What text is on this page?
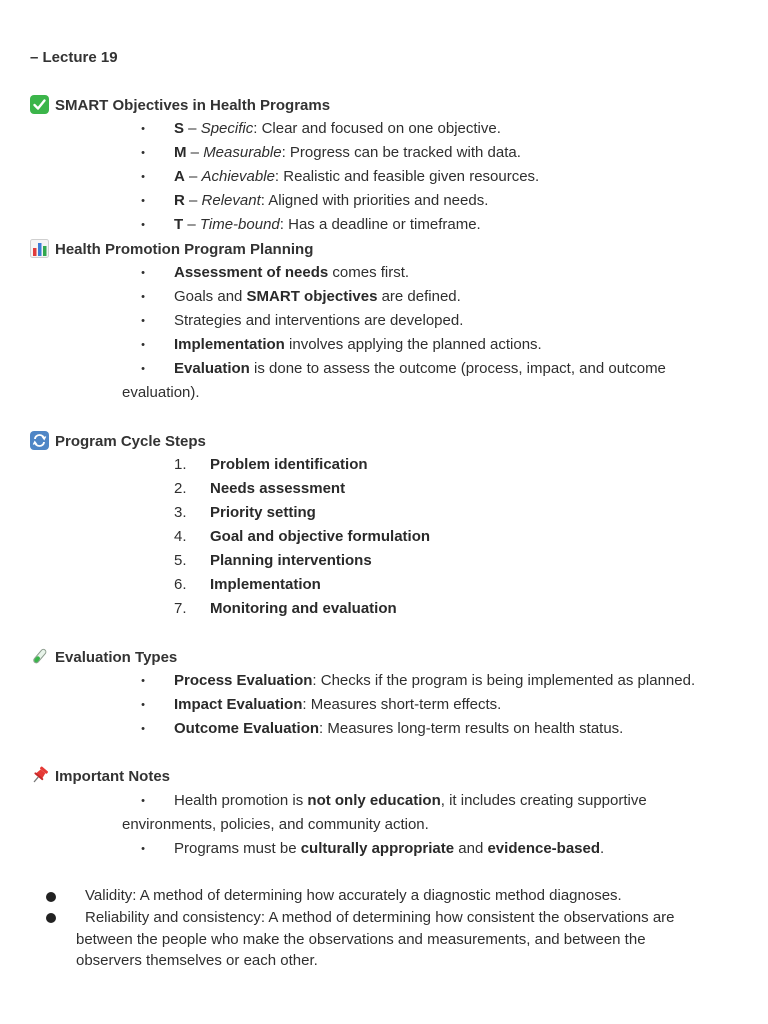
– Lecture 19
SMART Objectives in Health Programs
• S – Specific: Clear and focused on one objective.
• M – Measurable: Progress can be tracked with data.
• A – Achievable: Realistic and feasible given resources.
• R – Relevant: Aligned with priorities and needs.
• T – Time-bound: Has a deadline or timeframe.
Health Promotion Program Planning
• Assessment of needs comes first.
• Goals and SMART objectives are defined.
• Strategies and interventions are developed.
• Implementation involves applying the planned actions.
• Evaluation is done to assess the outcome (process, impact, and outcome
evaluation).
Program Cycle Steps
1. Problem identification
2. Needs assessment
3. Priority setting
4. Goal and objective formulation
5. Planning interventions
6. Implementation
7. Monitoring and evaluation
Evaluation Types
• Process Evaluation: Checks if the program is being implemented as planned.
• Impact Evaluation: Measures short-term effects.
• Outcome Evaluation: Measures long-term results on health status.
Important Notes
• Health promotion is not only education, it includes creating supportive
environments, policies, and community action.
• Programs must be culturally appropriate and evidence-based.
Validity: A method of determining how accurately a diagnostic method diagnoses.
Reliability and consistency: A method of determining how consistent the observations are
between the people who make the observations and measurements, and between the
observers themselves or each other.
